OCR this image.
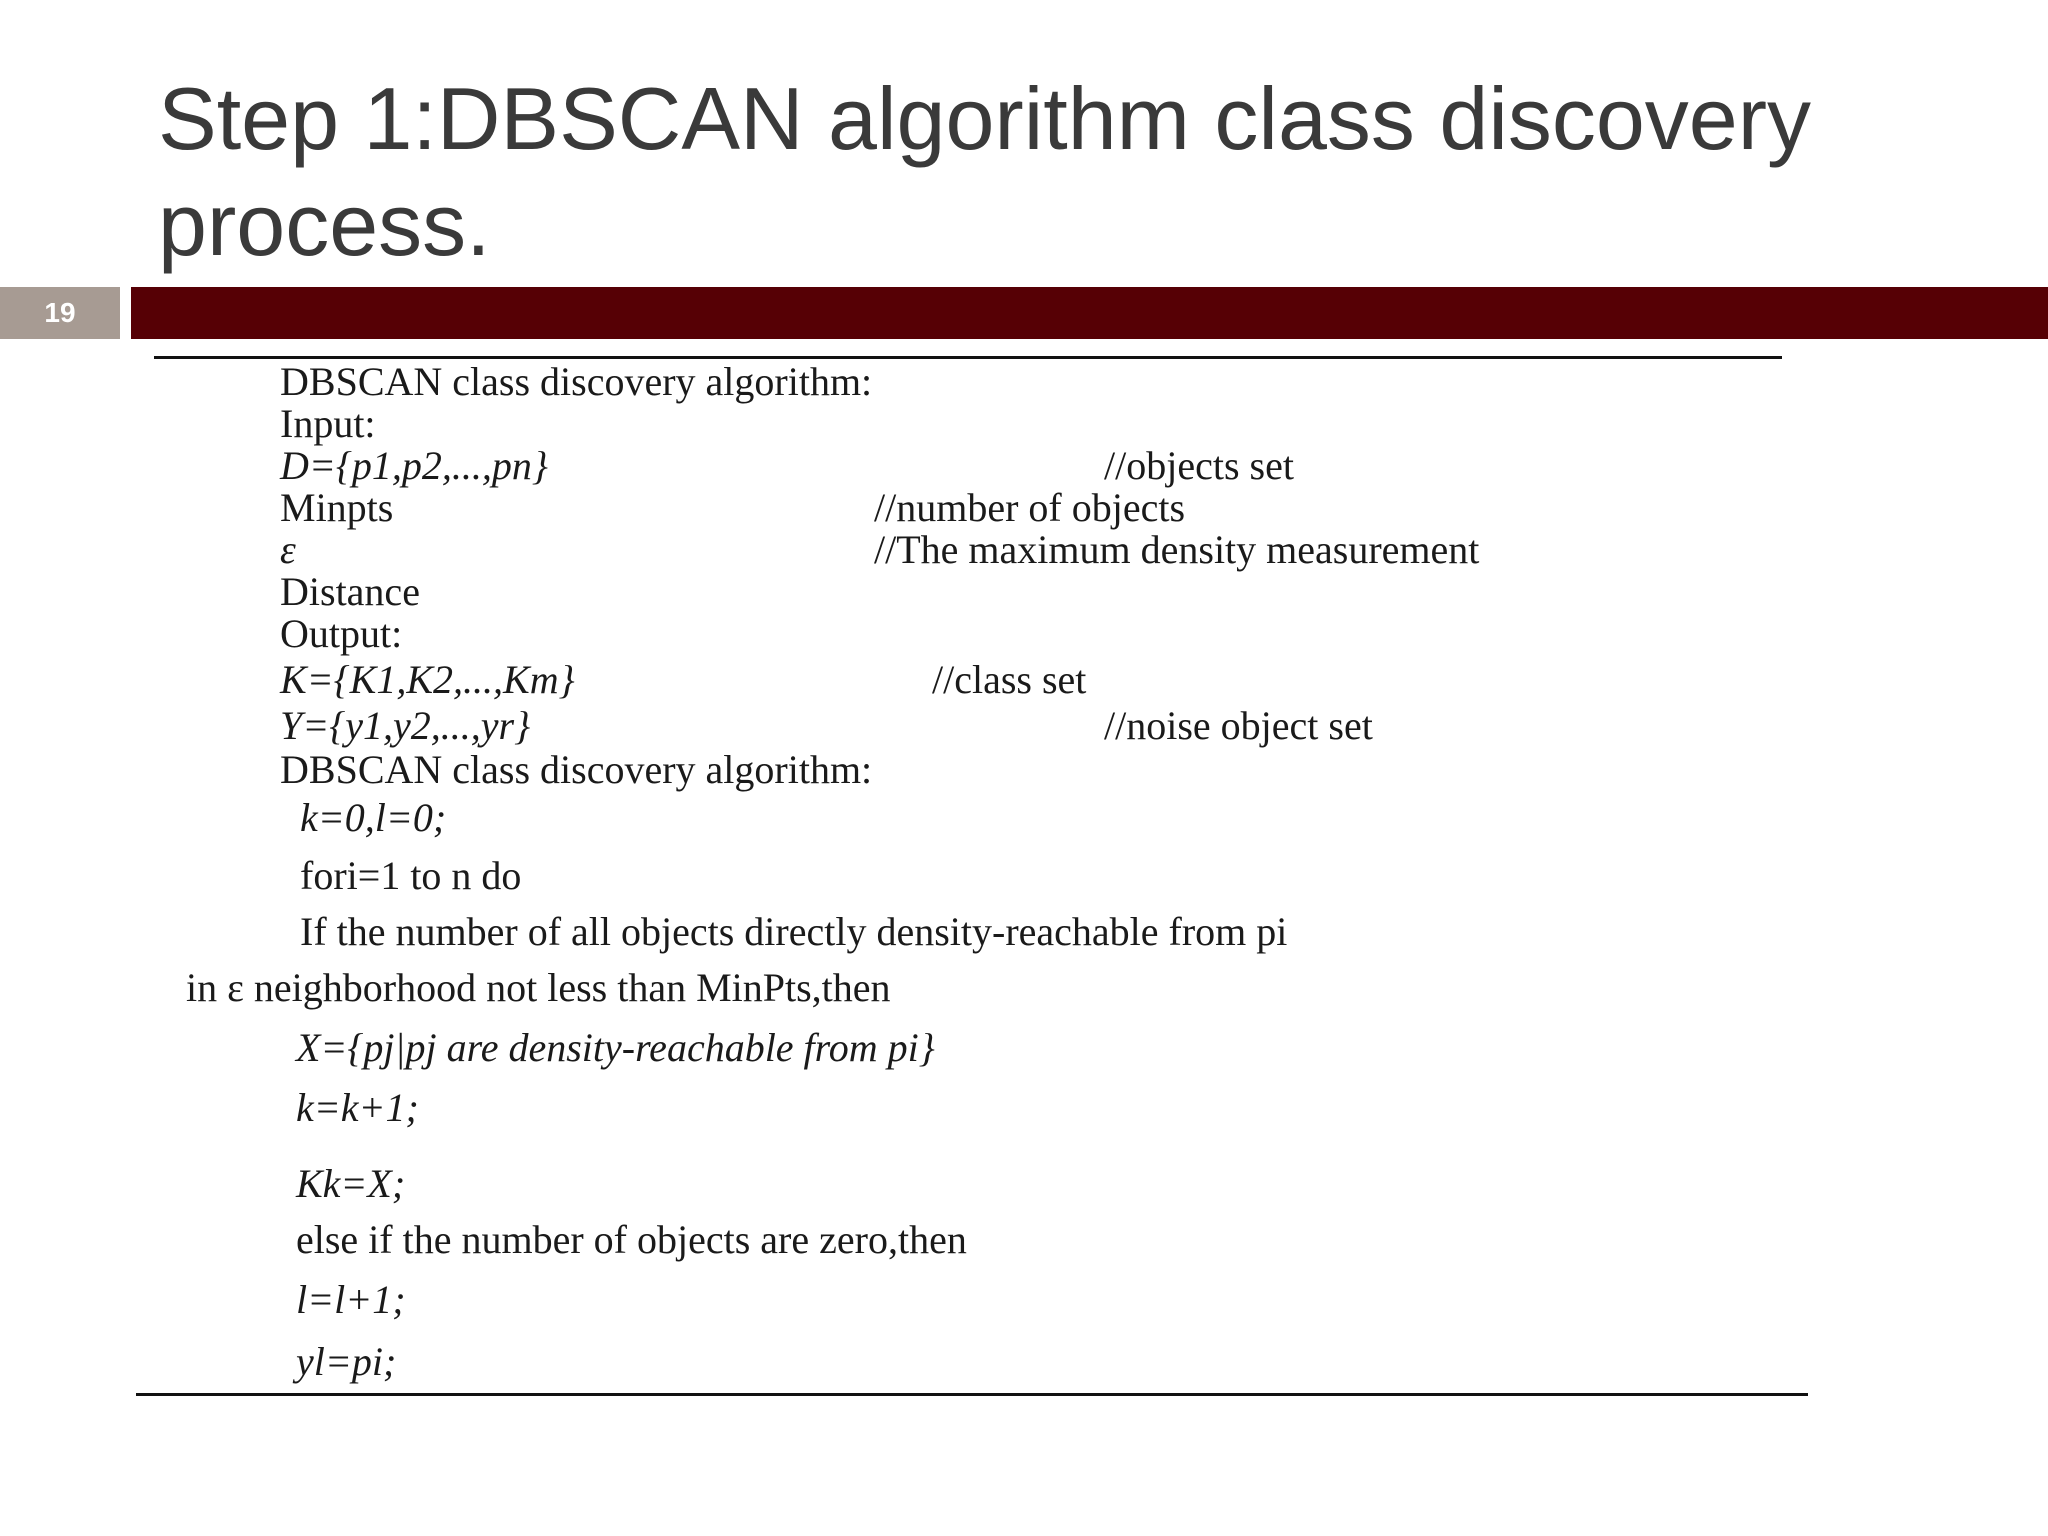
Step 1:DBSCAN algorithm class discovery process.
19
DBSCAN class discovery algorithm:
Input:
D={p1,p2,...,pn}	//objects set
Minpts	//number of objects
ε	//The maximum density measurement
Distance
Output:
K={K1,K2,...,Km}	//class set
Y={y1,y2,...,yr}	//noise object set
DBSCAN class discovery algorithm:
k=0,l=0;
fori=1 to n do
If the number of all objects directly density-reachable from pi
in ε neighborhood not less than MinPts,then
X={pj|pj are density-reachable from pi}
k=k+1;
Kk=X;
else if the number of objects are zero,then
l=l+1;
yl=pi;
